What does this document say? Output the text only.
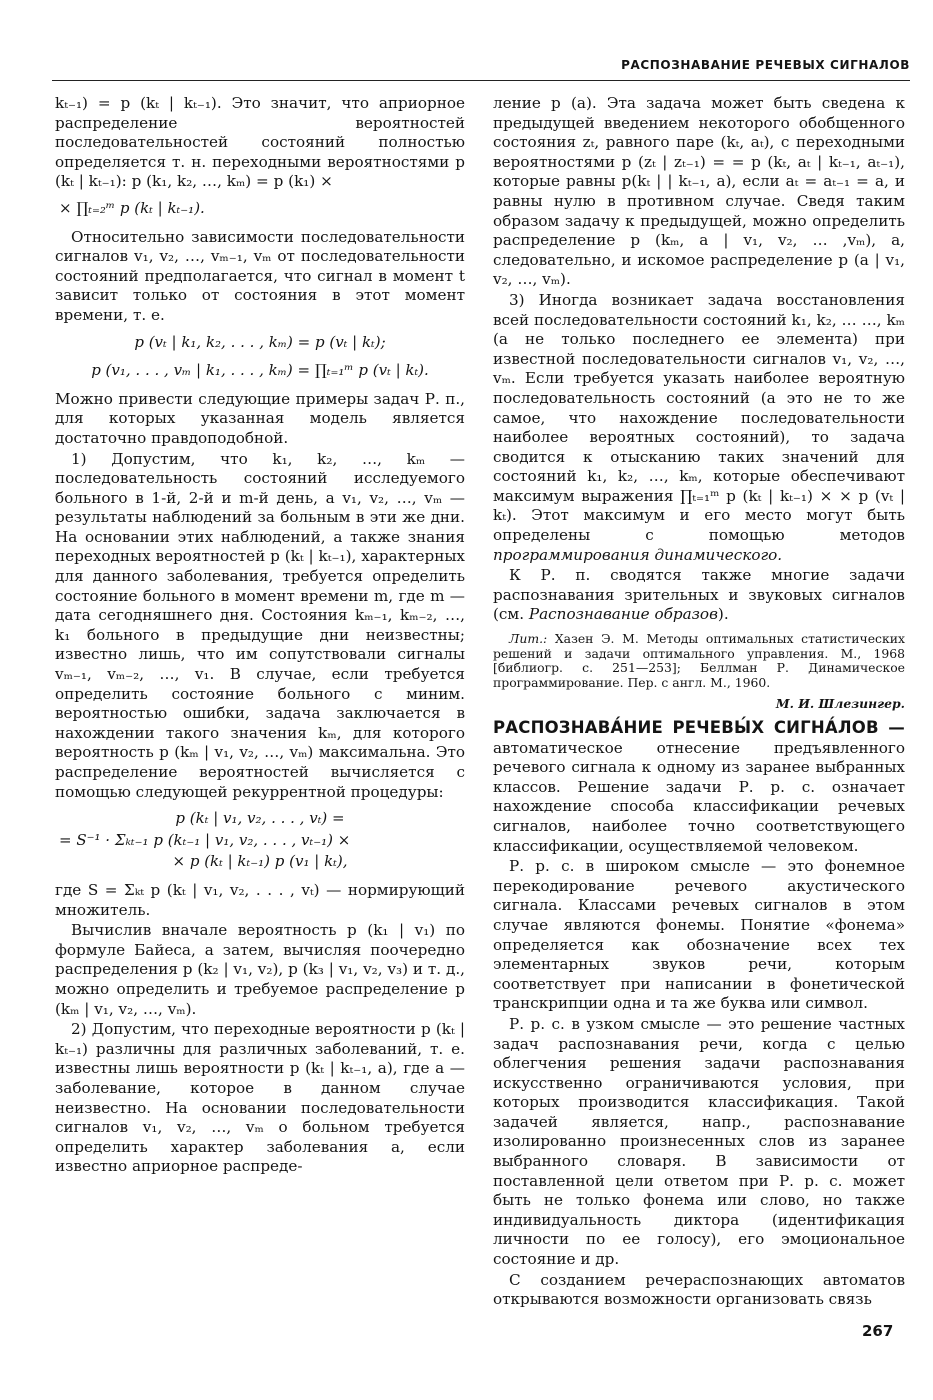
РАСПОЗНАВАНИЕ РЕЧЕВЫХ СИГНАЛОВ

kₜ₋₁) = p (kₜ | kₜ₋₁). Это значит, что априорное распределение вероятностей последовательностей состояний полностью определяется т. н. переходными вероятностями p (kₜ | kₜ₋₁): p (k₁, k₂, …, kₘ) = p (k₁) ×

× ∏ₜ₌₂ᵐ p (kₜ | kₜ₋₁).

Относительно зависимости последовательности сигналов v₁, v₂, …, vₘ₋₁, vₘ от последовательности состояний предполагается, что сигнал в момент t зависит только от состояния в этот момент времени, т. е.

p (vₜ | k₁, k₂, . . . , kₘ) = p (vₜ | kₜ);

p (v₁, . . . , vₘ | k₁, . . . , kₘ) = ∏ₜ₌₁ᵐ p (vₜ | kₜ).

Можно привести следующие примеры задач Р. п., для которых указанная модель является достаточно правдоподобной.

1) Допустим, что k₁, k₂, …, kₘ — последовательность состояний исследуемого больного в 1-й, 2-й и m-й день, а v₁, v₂, …, vₘ — результаты наблюдений за больным в эти же дни. На основании этих наблюдений, а также знания переходных вероятностей p (kₜ | kₜ₋₁), характерных для данного заболевания, требуется определить состояние больного в момент времени m, где m — дата сегодняшнего дня. Состояния kₘ₋₁, kₘ₋₂, …, k₁ больного в предыдущие дни неизвестны; известно лишь, что им сопутствовали сигналы vₘ₋₁, vₘ₋₂, …, v₁. В случае, если требуется определить состояние больного с миним. вероятностью ошибки, задача заключается в нахождении такого значения kₘ, для которого вероятность p (kₘ | v₁, v₂, …, vₘ) максимальна. Это распределение вероятностей вычисляется с помощью следующей рекуррентной процедуры:

p (kₜ | v₁, v₂, . . . , vₜ) =

= S⁻¹ · Σₖₜ₋₁ p (kₜ₋₁ | v₁, v₂, . . . , vₜ₋₁) ×

× p (kₜ | kₜ₋₁) p (v₁ | kₜ),

где S = Σₖₜ p (kₜ | v₁, v₂, . . . , vₜ) — нормирующий множитель.

Вычислив вначале вероятность p (k₁ | v₁) по формуле Байеса, а затем, вычисляя поочередно распределения p (k₂ | v₁, v₂), p (k₃ | v₁, v₂, v₃) и т. д., можно определить и требуемое распределение p (kₘ | v₁, v₂, …, vₘ).

2) Допустим, что переходные вероятности p (kₜ | kₜ₋₁) различны для различных заболеваний, т. е. известны лишь вероятности p (kₜ | kₜ₋₁, a), где a — заболевание, которое в данном случае неизвестно. На основании последовательности сигналов v₁, v₂, …, vₘ о больном требуется определить характер заболевания a, если известно априорное распреде-

ление p (a). Эта задача может быть сведена к предыдущей введением некоторого обобщенного состояния zₜ, равного паре (kₜ, aₜ), с переходными вероятностями p (zₜ | zₜ₋₁) = = p (kₜ, aₜ | kₜ₋₁, aₜ₋₁), которые равны p(kₜ | | kₜ₋₁, a), если aₜ = aₜ₋₁ = a, и равны нулю в противном случае. Сведя таким образом задачу к предыдущей, можно определить распределение p (kₘ, a | v₁, v₂, … ,vₘ), а, следовательно, и искомое распределение p (a | v₁, v₂, …, vₘ).

3) Иногда возникает задача восстановления всей последовательности состояний k₁, k₂, … …, kₘ (а не только последнего ее элемента) при известной последовательности сигналов v₁, v₂, …, vₘ. Если требуется указать наиболее вероятную последовательность состояний (а это не то же самое, что нахождение последовательности наиболее вероятных состояний), то задача сводится к отысканию таких значений для состояний k₁, k₂, …, kₘ, которые обеспечивают максимум выражения ∏ₜ₌₁ᵐ p (kₜ | kₜ₋₁) × × p (vₜ | kₜ). Этот максимум и его место могут быть определены с помощью методов программирования динамического.

К Р. п. сводятся также многие задачи распознавания зрительных и звуковых сигналов (см. Распознавание образов).

Лит.: Хазен Э. М. Методы оптимальных статистических решений и задачи оптимального управления. М., 1968 [библиогр. с. 251—253]; Беллман Р. Динамическое программирование. Пер. с англ. М., 1960.

М. И. Шлезингер.

РАСПОЗНАВА́НИЕ РЕЧЕВЫ́Х СИГНА́ЛОВ — автоматическое отнесение предъявленного речевого сигнала к одному из заранее выбранных классов. Решение задачи Р. р. с. означает нахождение способа классификации речевых сигналов, наиболее точно соответствующего классификации, осуществляемой человеком.

Р. р. с. в широком смысле — это фонемное перекодирование речевого акустического сигнала. Классами речевых сигналов в этом случае являются фонемы. Понятие «фонема» определяется как обозначение всех тех элементарных звуков речи, которым соответствует при написании в фонетической транскрипции одна и та же буква или символ.

Р. р. с. в узком смысле — это решение частных задач распознавания речи, когда с целью облегчения решения задачи распознавания искусственно ограничиваются условия, при которых производится классификация. Такой задачей является, напр., распознавание изолированно произнесенных слов из заранее выбранного словаря. В зависимости от поставленной цели ответом при Р. р. с. может быть не только фонема или слово, но также индивидуальность диктора (идентификация личности по ее голосу), его эмоциональное состояние и др.

С созданием речераспознающих автоматов открываются возможности организовать связь

267
